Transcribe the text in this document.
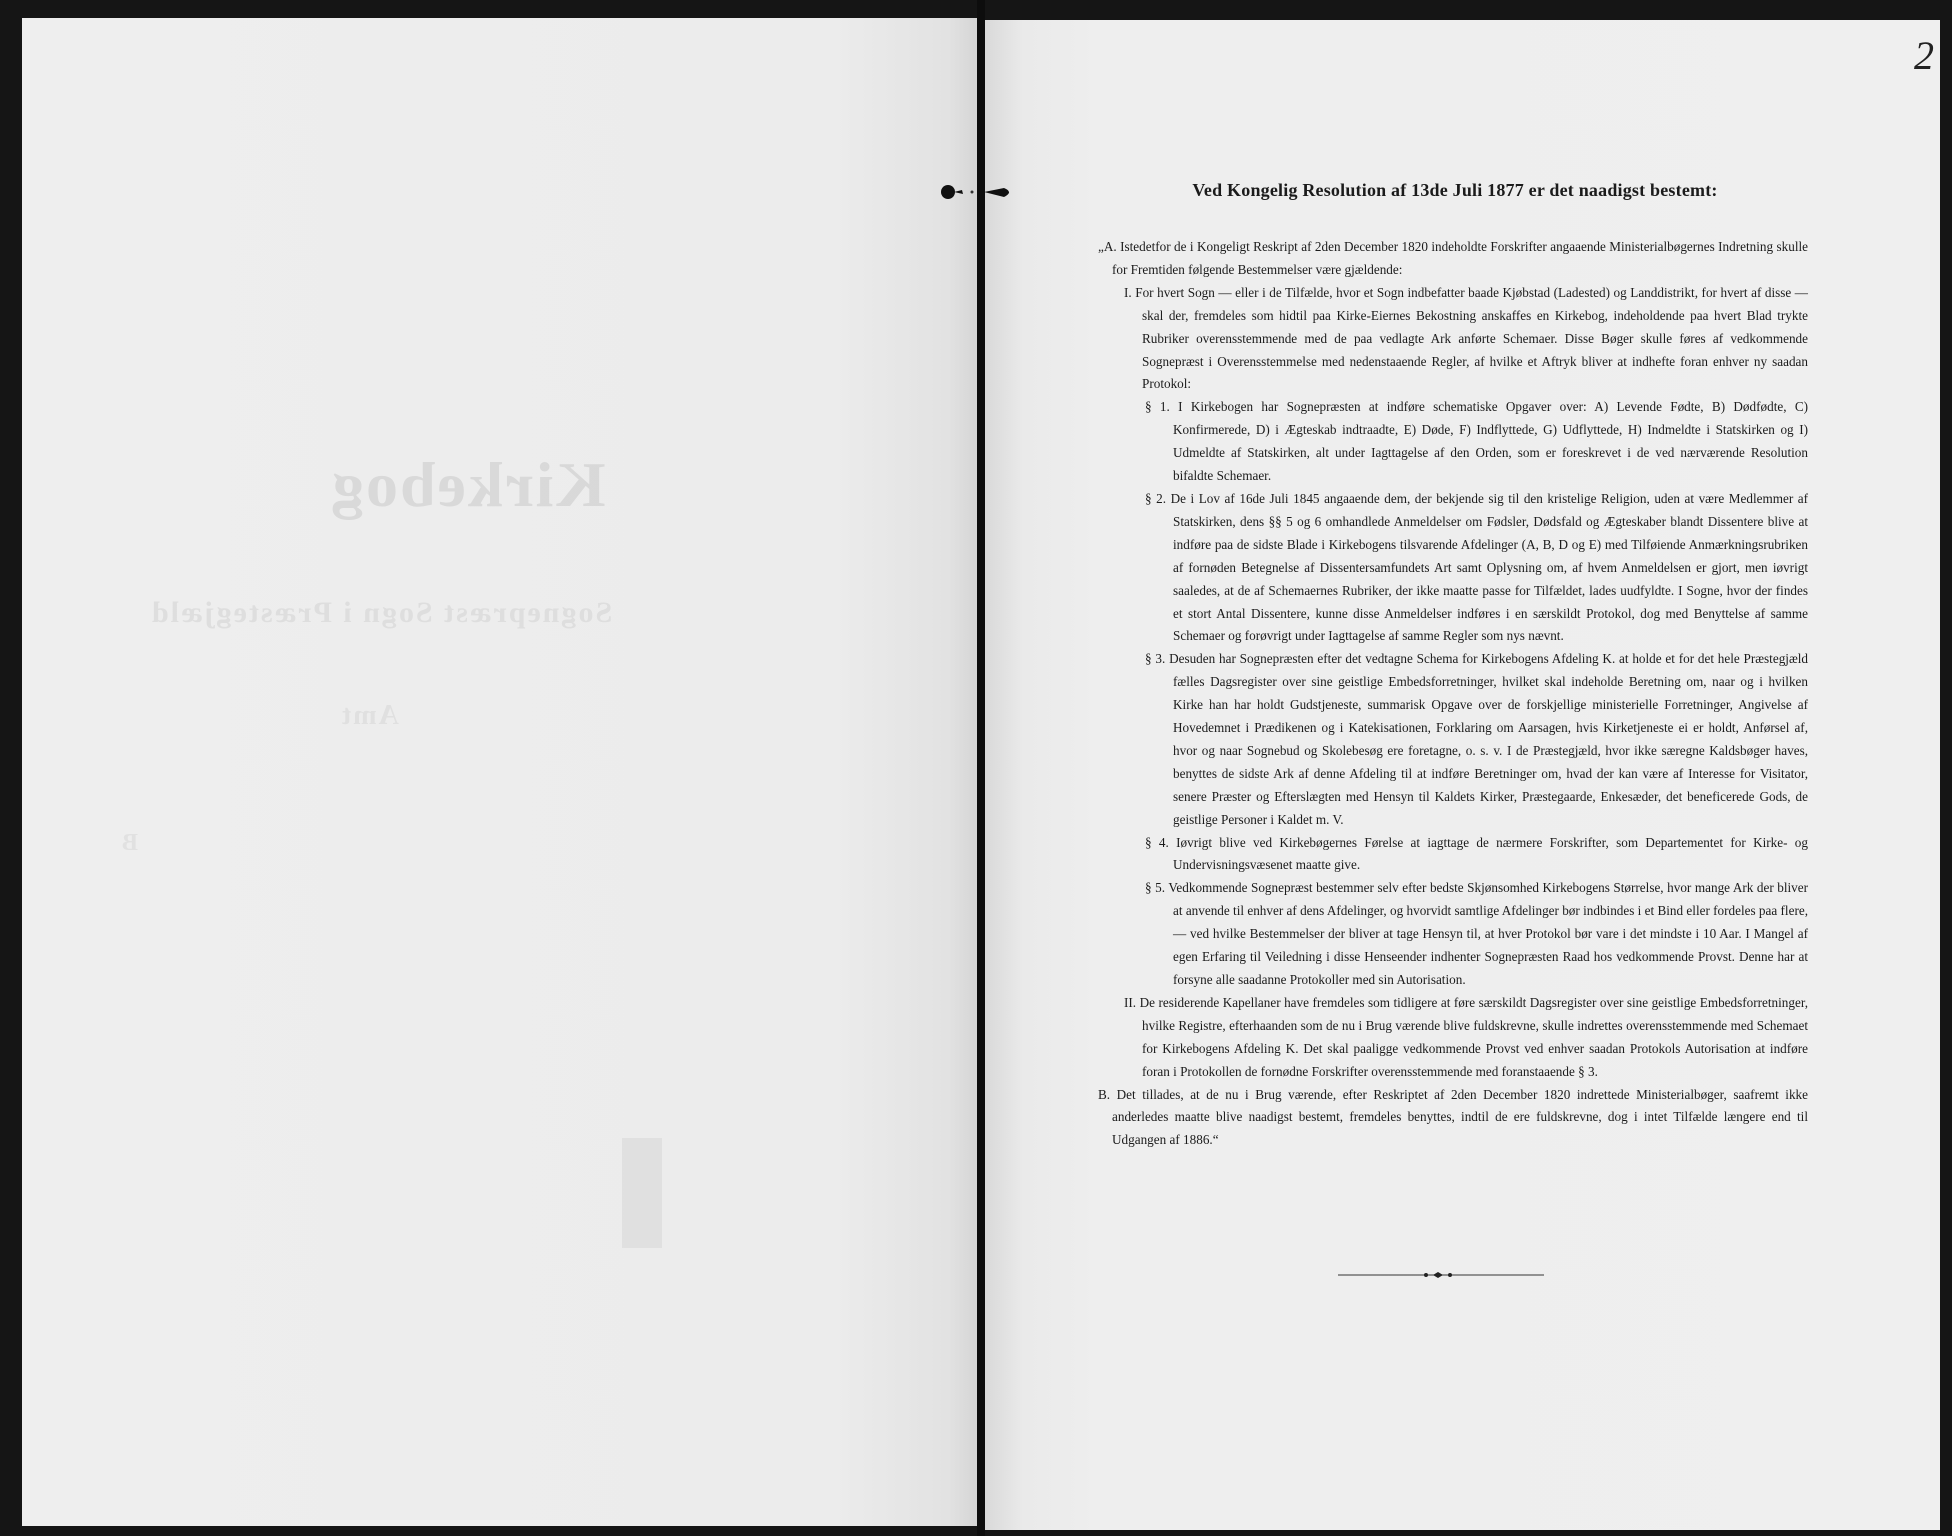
Kirkebog
Sognepræst Sogn i Præstegjæld
Amt
B
2
Ved Kongelig Resolution af 13de Juli 1877 er det naadigst bestemt:

„A. Istedetfor de i Kongeligt Reskript af 2den December 1820 indeholdte Forskrifter angaaende Ministerialbøgernes Indretning skulle for Fremtiden følgende Bestemmelser være gjældende:

I. For hvert Sogn — eller i de Tilfælde, hvor et Sogn indbefatter baade Kjøbstad (Ladested) og Landdistrikt, for hvert af disse — skal der, fremdeles som hidtil paa Kirke-Eiernes Bekostning anskaffes en Kirkebog, indeholdende paa hvert Blad trykte Rubriker overensstemmende med de paa vedlagte Ark anførte Schemaer. Disse Bøger skulle føres af vedkommende Sognepræst i Overensstemmelse med nedenstaaende Regler, af hvilke et Aftryk bliver at indhefte foran enhver ny saadan Protokol:

§ 1. I Kirkebogen har Sognepræsten at indføre schematiske Opgaver over: A) Levende Fødte, B) Dødfødte, C) Konfirmerede, D) i Ægteskab indtraadte, E) Døde, F) Indflyttede, G) Udflyttede, H) Indmeldte i Statskirken og I) Udmeldte af Statskirken, alt under Iagttagelse af den Orden, som er foreskrevet i de ved nærværende Resolution bifaldte Schemaer.

§ 2. De i Lov af 16de Juli 1845 angaaende dem, der bekjende sig til den kristelige Religion, uden at være Medlemmer af Statskirken, dens §§ 5 og 6 omhandlede Anmeldelser om Fødsler, Dødsfald og Ægteskaber blandt Dissentere blive at indføre paa de sidste Blade i Kirkebogens tilsvarende Afdelinger (A, B, D og E) med Tilføiende Anmærkningsrubriken af fornøden Betegnelse af Dissentersamfundets Art samt Oplysning om, af hvem Anmeldelsen er gjort, men iøvrigt saaledes, at de af Schemaernes Rubriker, der ikke maatte passe for Tilfældet, lades uudfyldte. I Sogne, hvor der findes et stort Antal Dissentere, kunne disse Anmeldelser indføres i en særskildt Protokol, dog med Benyttelse af samme Schemaer og forøvrigt under Iagttagelse af samme Regler som nys nævnt.

§ 3. Desuden har Sognepræsten efter det vedtagne Schema for Kirkebogens Afdeling K. at holde et for det hele Præstegjæld fælles Dagsregister over sine geistlige Embedsforretninger, hvilket skal indeholde Beretning om, naar og i hvilken Kirke han har holdt Gudstjeneste, summarisk Opgave over de forskjellige ministerielle Forretninger, Angivelse af Hovedemnet i Prædikenen og i Katekisationen, Forklaring om Aarsagen, hvis Kirketjeneste ei er holdt, Anførsel af, hvor og naar Sognebud og Skolebesøg ere foretagne, o. s. v. I de Præstegjæld, hvor ikke særegne Kaldsbøger haves, benyttes de sidste Ark af denne Afdeling til at indføre Beretninger om, hvad der kan være af Interesse for Visitator, senere Præster og Efterslægten med Hensyn til Kaldets Kirker, Præstegaarde, Enkesæder, det beneficerede Gods, de geistlige Personer i Kaldet m. V.

§ 4. Iøvrigt blive ved Kirkebøgernes Førelse at iagttage de nærmere Forskrifter, som Departementet for Kirke- og Undervisningsvæsenet maatte give.

§ 5. Vedkommende Sognepræst bestemmer selv efter bedste Skjønsomhed Kirkebogens Størrelse, hvor mange Ark der bliver at anvende til enhver af dens Afdelinger, og hvorvidt samtlige Afdelinger bør indbindes i et Bind eller fordeles paa flere, — ved hvilke Bestemmelser der bliver at tage Hensyn til, at hver Protokol bør vare i det mindste i 10 Aar. I Mangel af egen Erfaring til Veiledning i disse Henseender indhenter Sognepræsten Raad hos vedkommende Provst. Denne har at forsyne alle saadanne Protokoller med sin Autorisation.

II. De residerende Kapellaner have fremdeles som tidligere at føre særskildt Dagsregister over sine geistlige Embedsforretninger, hvilke Registre, efterhaanden som de nu i Brug værende blive fuldskrevne, skulle indrettes overensstemmende med Schemaet for Kirkebogens Afdeling K. Det skal paaligge vedkommende Provst ved enhver saadan Protokols Autorisation at indføre foran i Protokollen de fornødne Forskrifter overensstemmende med foranstaaende § 3.

B. Det tillades, at de nu i Brug værende, efter Reskriptet af 2den December 1820 indrettede Ministerialbøger, saafremt ikke anderledes maatte blive naadigst bestemt, fremdeles benyttes, indtil de ere fuldskrevne, dog i intet Tilfælde længere end til Udgangen af 1886.“
